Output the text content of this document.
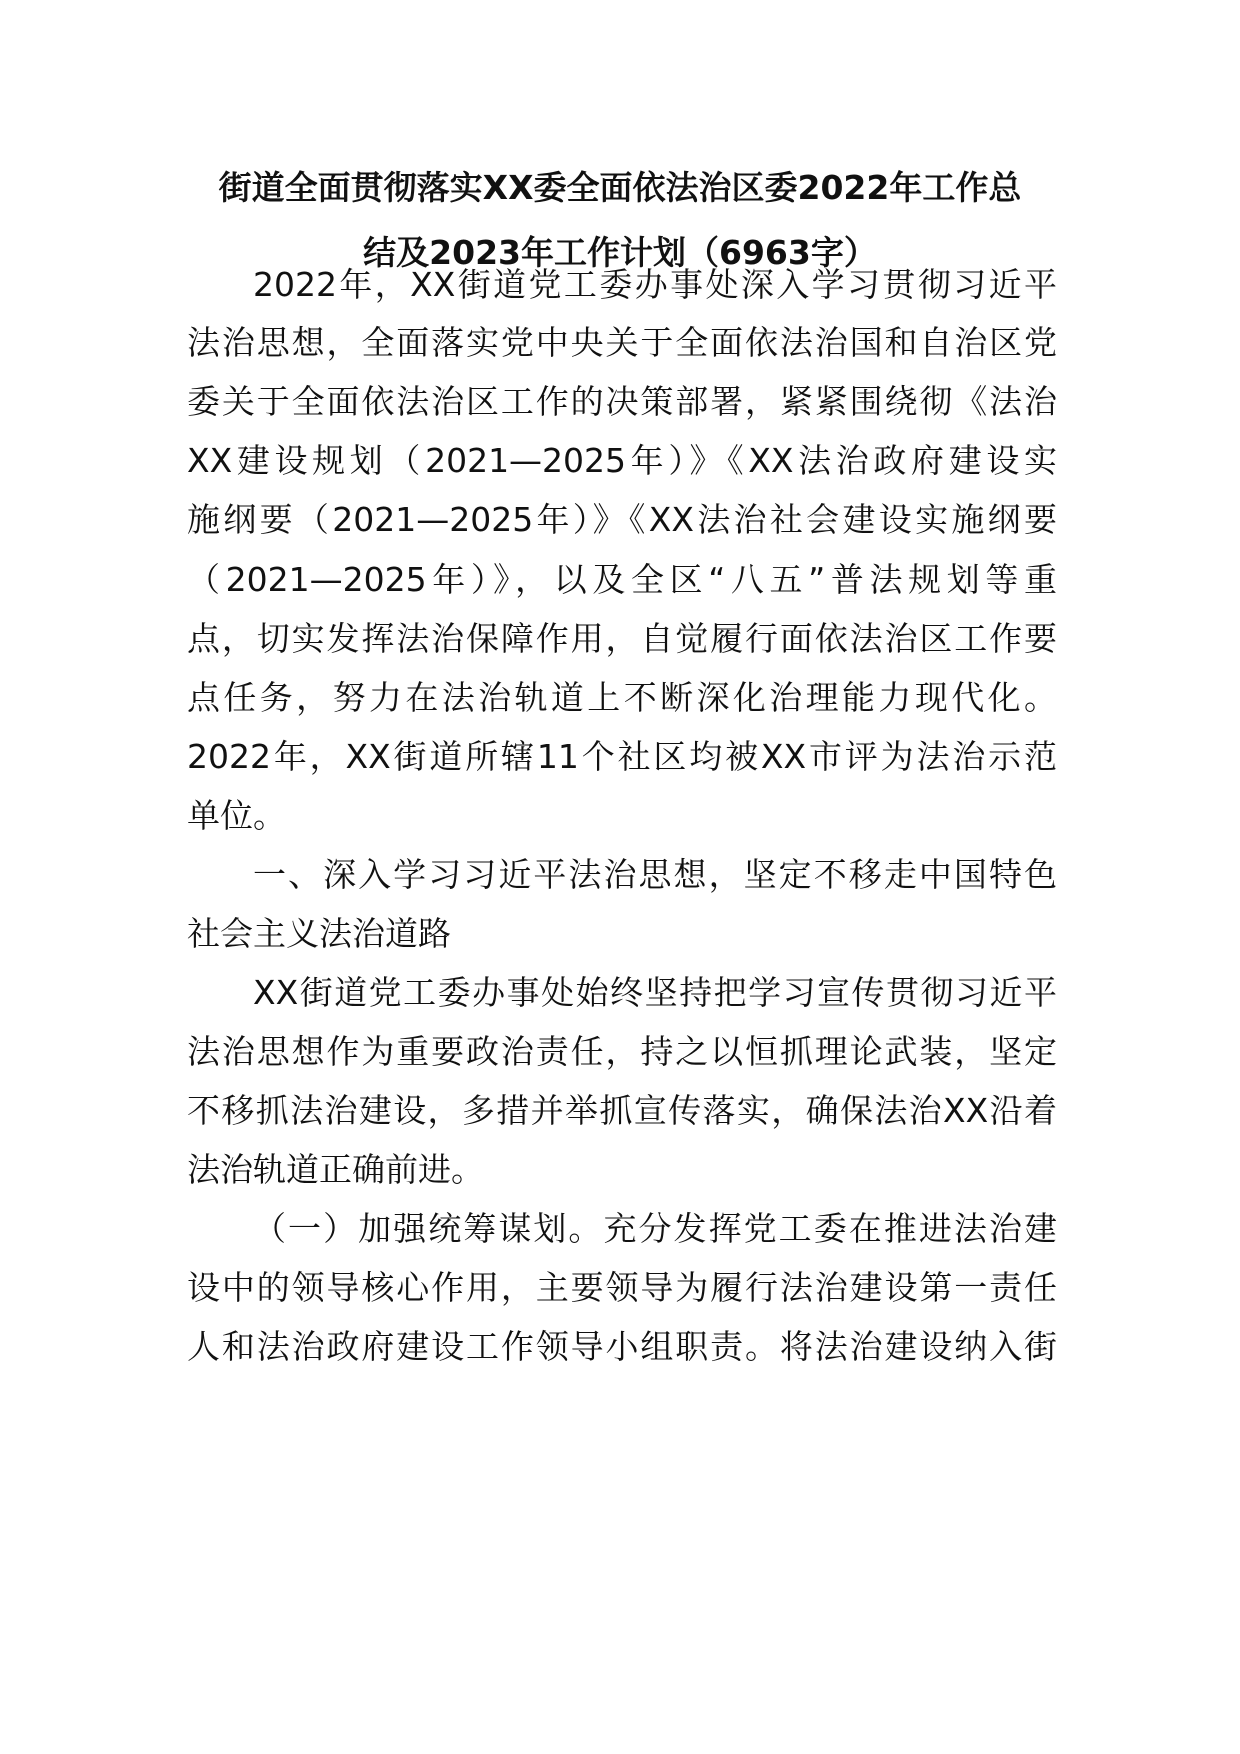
街道全面贯彻落实XX委全面依法治区委2022年工作总
结及2023年工作计划（6963字）
2022年，XX街道党工委办事处深入学习贯彻习近平
法治思想，全面落实党中央关于全面依法治国和自治区党
委关于全面依法治区工作的决策部署，紧紧围绕彻《法治
XX建设规划（2021—2025年）》《XX法治政府建设实
施纲要（2021—2025年）》《XX法治社会建设实施纲要
（2021—2025年）》，以及全区“八五”普法规划等重
点，切实发挥法治保障作用，自觉履行面依法治区工作要
点任务，努力在法治轨道上不断深化治理能力现代化。
2022年，XX街道所辖11个社区均被XX市评为法治示范
单位。
一、深入学习习近平法治思想，坚定不移走中国特色
社会主义法治道路
XX街道党工委办事处始终坚持把学习宣传贯彻习近平
法治思想作为重要政治责任，持之以恒抓理论武装，坚定
不移抓法治建设，多措并举抓宣传落实，确保法治XX沿着
法治轨道正确前进。
（一）加强统筹谋划。充分发挥党工委在推进法治建
设中的领导核心作用，主要领导为履行法治建设第一责任
人和法治政府建设工作领导小组职责。将法治建设纳入街
